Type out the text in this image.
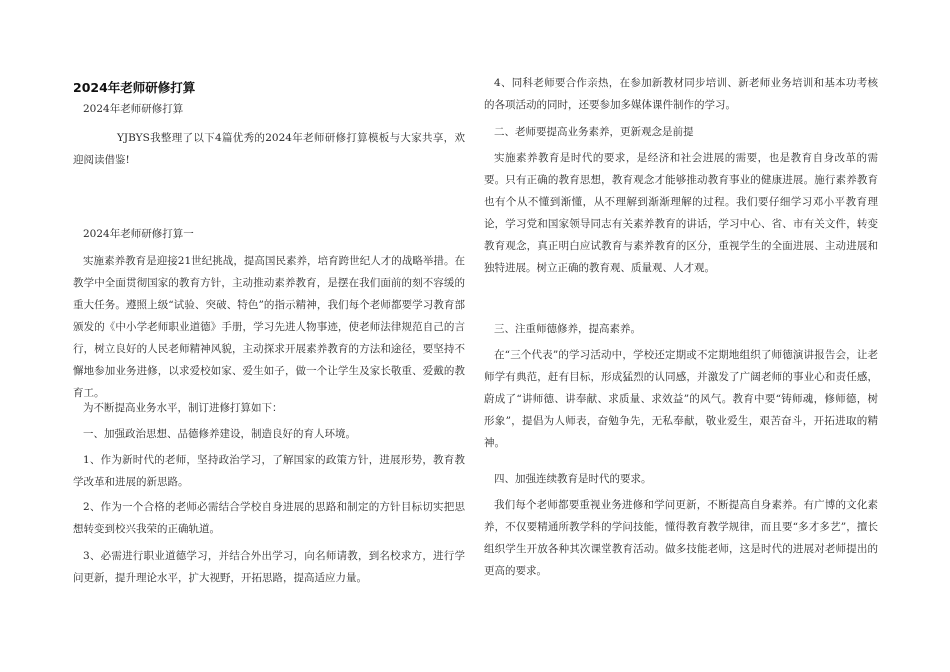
2024年老师研修打算
2024年老师研修打算
YJBYS我整理了以下4篇优秀的2024年老师研修打算模板与大家共享，欢迎阅读借鉴!
2024年老师研修打算一
实施素养教育是迎接21世纪挑战，提高国民素养，培育跨世纪人才的战略举措。在教学中全面贯彻国家的教育方针，主动推动素养教育，是摆在我们面前的刻不容缓的重大任务。遵照上级“试验、突破、特色”的指示精神，我们每个老师都要学习教育部颁发的《中小学老师职业道德》手册，学习先进人物事迹，使老师法律规范自己的言行，树立良好的人民老师精神风貌，主动探求开展素养教育的方法和途径，要坚持不懈地参加业务进修，以求爱校如家、爱生如子，做一个让学生及家长敬重、爱戴的教育工。
为不断提高业务水平，制订进修打算如下：
一、加强政治思想、品德修养建设，制造良好的育人环境。
1、作为新时代的老师，坚持政治学习，了解国家的政策方针，进展形势，教育教学改革和进展的新思路。
2、作为一个合格的老师必需结合学校自身进展的思路和制定的方针目标切实把思想转变到校兴我荣的正确轨道。
3、必需进行职业道德学习，并结合外出学习，向名师请教，到名校求方，进行学问更新，提升理论水平，扩大视野，开拓思路，提高适应力量。
4、同科老师要合作亲热，在参加新教材同步培训、新老师业务培训和基本功考核的各项活动的同时，还要参加多媒体课件制作的学习。
二、老师要提高业务素养，更新观念是前提
实施素养教育是时代的要求，是经济和社会进展的需要，也是教育自身改革的需要。只有正确的教育思想，教育观念才能够推动教育事业的健康进展。施行素养教育也有个从不懂到渐懂，从不理解到渐渐理解的过程。我们要仔细学习邓小平教育理论，学习党和国家领导同志有关素养教育的讲话，学习中心、省、市有关文件，转变教育观念，真正明白应试教育与素养教育的区分，重视学生的全面进展、主动进展和独特进展。树立正确的教育观、质量观、人才观。
三、注重师德修养，提高素养。
在“三个代表”的学习活动中，学校还定期或不定期地组织了师德演讲报告会，让老师学有典范，赶有目标，形成猛烈的认同感，并激发了广阔老师的事业心和责任感，蔚成了“讲师德、讲奉献、求质量、求效益”的风气。教育中要“铸师魂，修师德，树形象”，提倡为人师表，奋勉争先，无私奉献，敬业爱生，艰苦奋斗，开拓进取的精神。
四、加强连续教育是时代的要求。
我们每个老师都要重视业务进修和学问更新，不断提高自身素养。有广博的文化素养，不仅要精通所教学科的学问技能，懂得教育教学规律，而且要“多才多艺”，擅长组织学生开放各种其次课堂教育活动。做多技能老师，这是时代的进展对老师提出的更高的要求。
